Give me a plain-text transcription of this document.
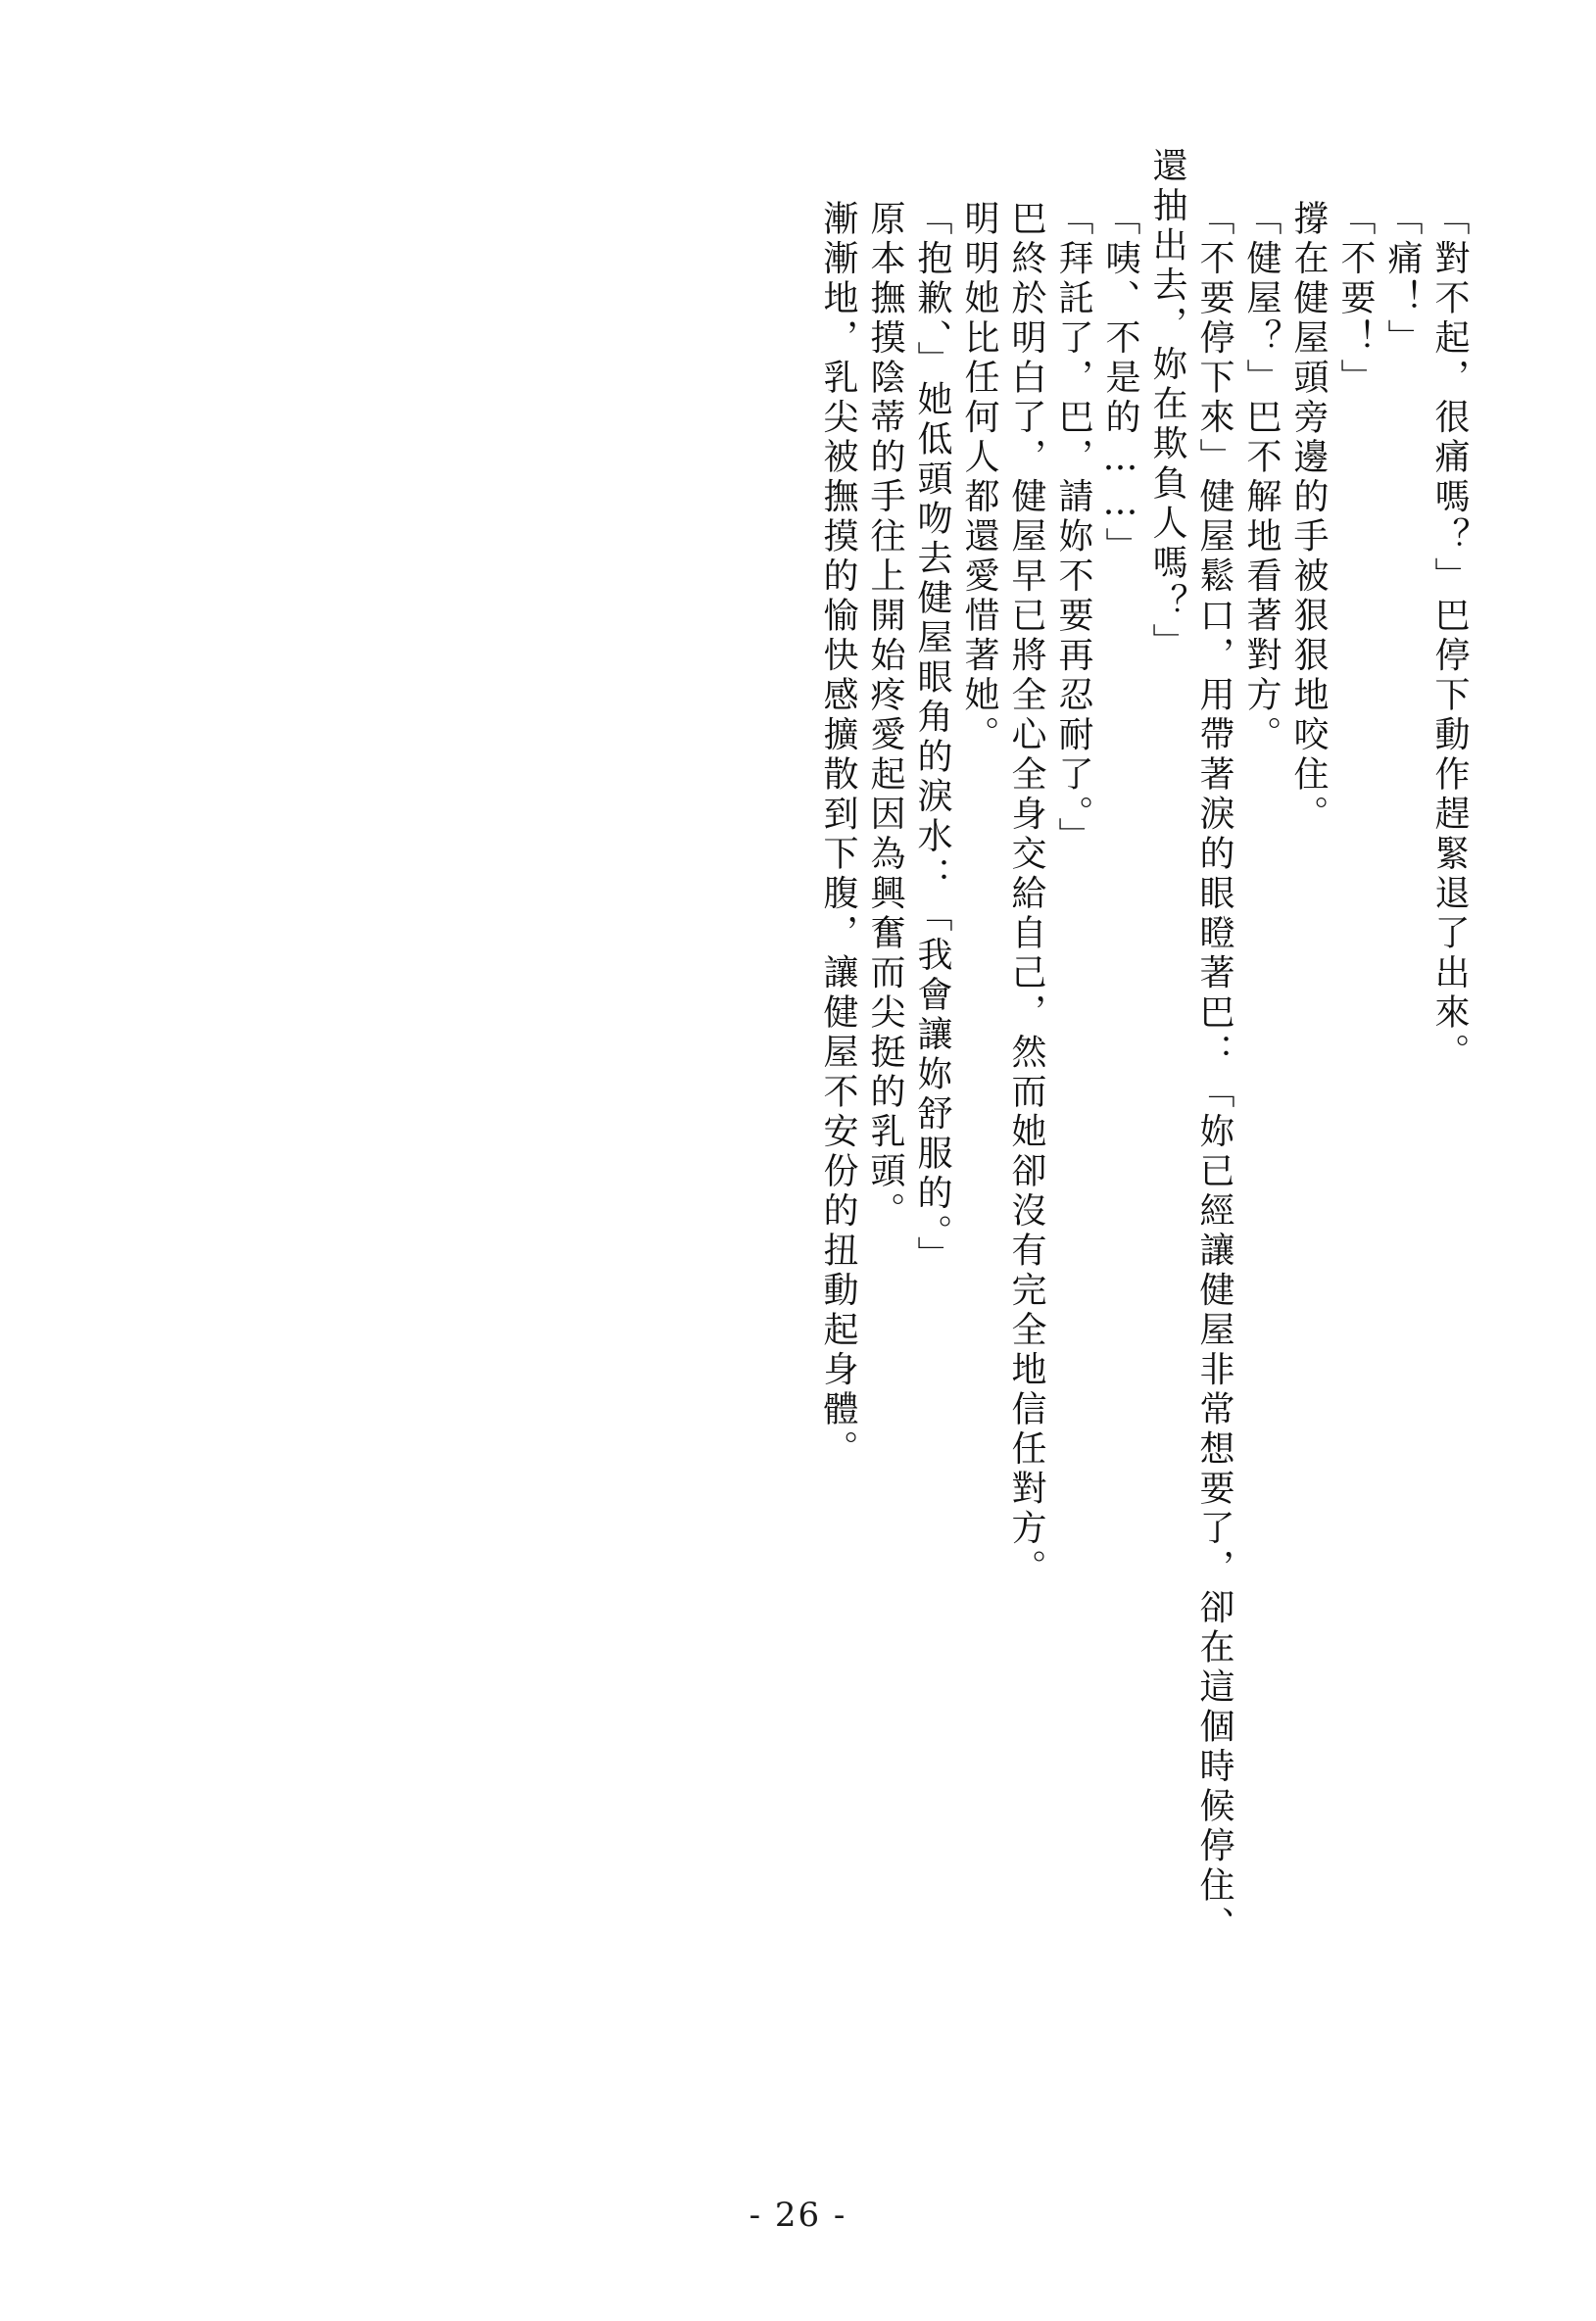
「對不起，很痛嗎？」巴停下動作趕緊退了出來。
「痛！」
「不要！」
撐在健屋頭旁邊的手被狠狠地咬住。
「健屋？」巴不解地看著對方。
「不要停下來」健屋鬆口，用帶著淚的眼瞪著巴：「妳已經讓健屋非常想要了，卻在這個時候停住、
還抽出去，妳在欺負人嗎？」
「咦、不是的……」
「拜託了，巴，請妳不要再忍耐了。」
巴終於明白了，健屋早已將全心全身交給自己，然而她卻沒有完全地信任對方。
明明她比任何人都還愛惜著她。
「抱歉、」她低頭吻去健屋眼角的淚水：「我會讓妳舒服的。」
原本撫摸陰蒂的手往上開始疼愛起因為興奮而尖挺的乳頭。
漸漸地，乳尖被撫摸的愉快感擴散到下腹，讓健屋不安份的扭動起身體。
- 26 -
